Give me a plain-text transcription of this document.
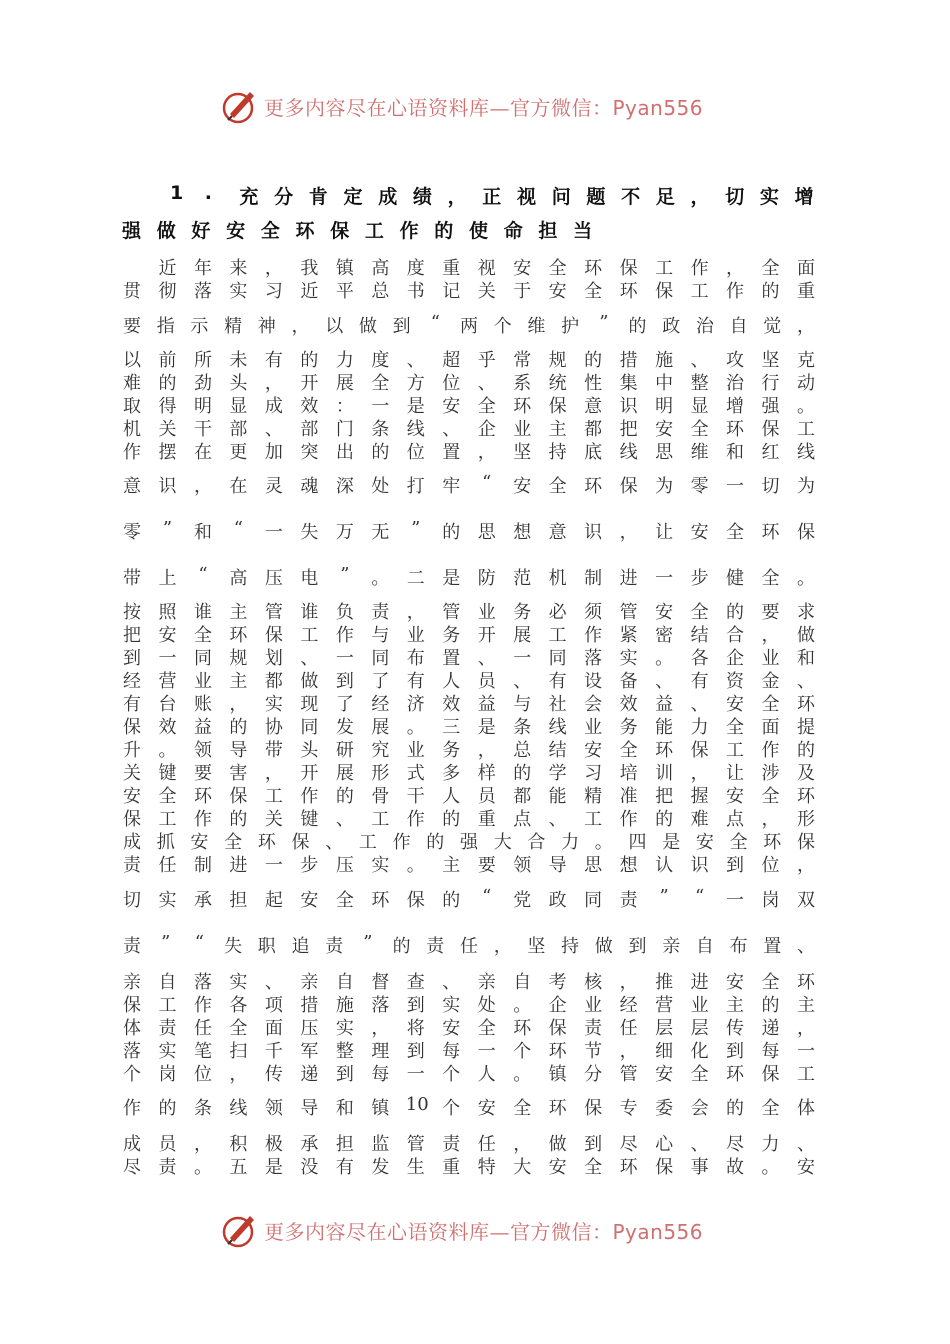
更多内容尽在心语资料库—官方微信：Pyan556
1 . 充 分 肯 定 成 绩 ， 正 视 问 题 不 足 ， 切 实 增
强 做 好 安 全 环 保 工 作 的 使 命 担 当
近 年 来 ， 我 镇 高 度 重 视 安 全 环 保 工 作 ， 全 面
贯 彻 落 实 习 近 平 总 书 记 关 于 安 全 环 保 工 作 的 重
要 指 示 精 神 ， 以 做 到 “	两 个 维 护 ”	的 政 治 自 觉 ，
以 前 所 未 有 的 力 度 、 超 乎 常 规 的 措 施 、 攻 坚 克
难 的 劲 头 ， 开 展 全 方 位 、 系 统 性 集 中 整 治 行 动
取 得 明 显 成 效 ： 一 是 安 全 环 保 意 识 明 显 增 强 。
机 关 干 部 、 部 门 条 线 、 企 业 主 都 把 安 全 环 保 工
作 摆 在 更 加 突 出 的 位 置 ， 坚 持 底 线 思 维 和 红 线
意 识 ， 在 灵 魂 深 处 打 牢 “	安 全 环 保 为 零 一 切 为
零 ”	和 “	一 失 万 无 ”	的 思 想 意 识 ， 让 安 全 环 保
带 上 “	高 压 电 ”	。 二 是 防 范 机 制 进 一 步 健 全 。
按 照 谁 主 管 谁 负 责 ， 管 业 务 必 须 管 安 全 的 要 求
把 安 全 环 保 工 作 与 业 务 开 展 工 作 紧 密 结 合 ， 做
到 一 同 规 划 、 一 同 布 置 、 一 同 落 实 。 各 企 业 和
经 营 业 主 都 做 到 了 有 人 员 、 有 设 备 、 有 资 金 、
有 台 账 ， 实 现 了 经 济 效 益 与 社 会 效 益 、 安 全 环
保 效 益 的 协 同 发 展 。 三 是 条 线 业 务 能 力 全 面 提
升 。 领 导 带 头 研 究 业 务 ， 总 结 安 全 环 保 工 作 的
关 键 要 害 ， 开 展 形 式 多 样 的 学 习 培 训 ， 让 涉 及
安 全 环 保 工 作 的 骨 干 人 员 都 能 精 准 把 握 安 全 环
保 工 作 的 关 键 、 工 作 的 重 点 、 工 作 的 难 点 ， 形
成 抓 安 全 环 保 、 工 作 的 强 大 合 力 。 四 是 安 全 环 保
责 任 制 进 一 步 压 实 。 主 要 领 导 思 想 认 识 到 位 ，
切 实 承 担 起 安 全 环 保 的 “	党 政 同 责 ”	“	一 岗 双
责 ”	“	失 职 追 责 ”	的 责 任 ， 坚 持 做 到 亲 自 布 置 、
亲 自 落 实 、 亲 自 督 查 、 亲 自 考 核 ， 推 进 安 全 环
保 工 作 各 项 措 施 落 到 实 处 。 企 业 经 营 业 主 的 主
体 责 任 全 面 压 实 ， 将 安 全 环 保 责 任 层 层 传 递 ，
落 实 笔 扫 千 军 整 理 到 每 一 个 环 节 ， 细 化 到 每 一
个 岗 位 ， 传 递 到 每 一 个 人 。 镇 分 管 安 全 环 保 工
作 的 条 线 领 导 和 镇 10 个 安 全 环 保 专 委 会 的 全 体
成 员 ， 积 极 承 担 监 管 责 任 ， 做 到 尽 心 、 尽 力 、
尽 责 。 五 是 没 有 发 生 重 特 大 安 全 环 保 事 故 。 安
更多内容尽在心语资料库—官方微信：Pyan556
